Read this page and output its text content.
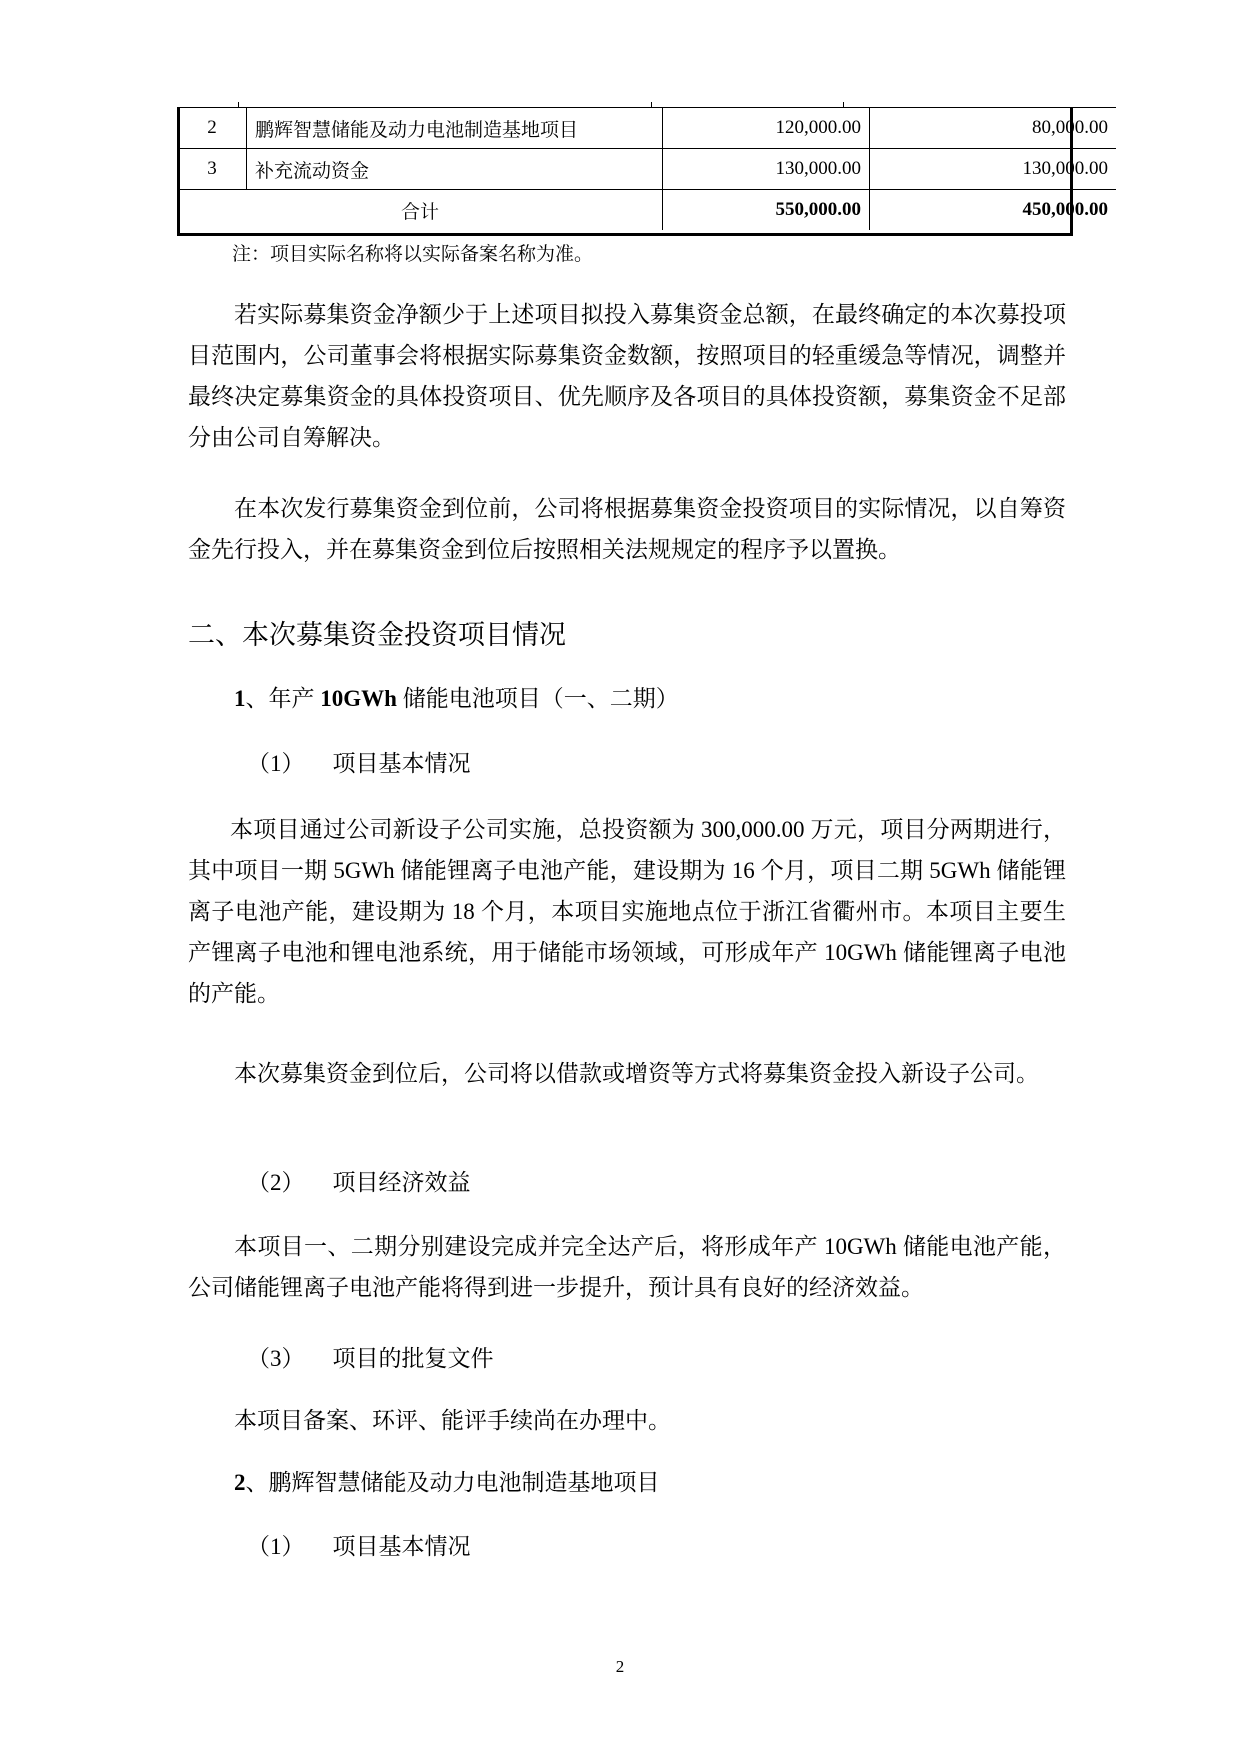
2	鹏辉智慧储能及动力电池制造基地项目	120,000.00	80,000.00
3	补充流动资金	130,000.00	130,000.00
合计		550,000.00	450,000.00
注：项目实际名称将以实际备案名称为准。

若实际募集资金净额少于上述项目拟投入募集资金总额，在最终确定的本次募投项目范围内，公司董事会将根据实际募集资金数额，按照项目的轻重缓急等情况，调整并最终决定募集资金的具体投资项目、优先顺序及各项目的具体投资额，募集资金不足部分由公司自筹解决。

在本次发行募集资金到位前，公司将根据募集资金投资项目的实际情况，以自筹资金先行投入，并在募集资金到位后按照相关法规规定的程序予以置换。

二、本次募集资金投资项目情况

1、年产 10GWh 储能电池项目（一、二期）

（1） 项目基本情况

本项目通过公司新设子公司实施，总投资额为 300,000.00 万元，项目分两期进行，其中项目一期 5GWh 储能锂离子电池产能，建设期为 16 个月，项目二期 5GWh 储能锂离子电池产能，建设期为 18 个月，本项目实施地点位于浙江省衢州市。本项目主要生产锂离子电池和锂电池系统，用于储能市场领域，可形成年产 10GWh 储能锂离子电池的产能。

本次募集资金到位后，公司将以借款或增资等方式将募集资金投入新设子公司。

（2） 项目经济效益

本项目一、二期分别建设完成并完全达产后，将形成年产 10GWh 储能电池产能，公司储能锂离子电池产能将得到进一步提升，预计具有良好的经济效益。

（3） 项目的批复文件

本项目备案、环评、能评手续尚在办理中。

2、鹏辉智慧储能及动力电池制造基地项目

（1） 项目基本情况

2
